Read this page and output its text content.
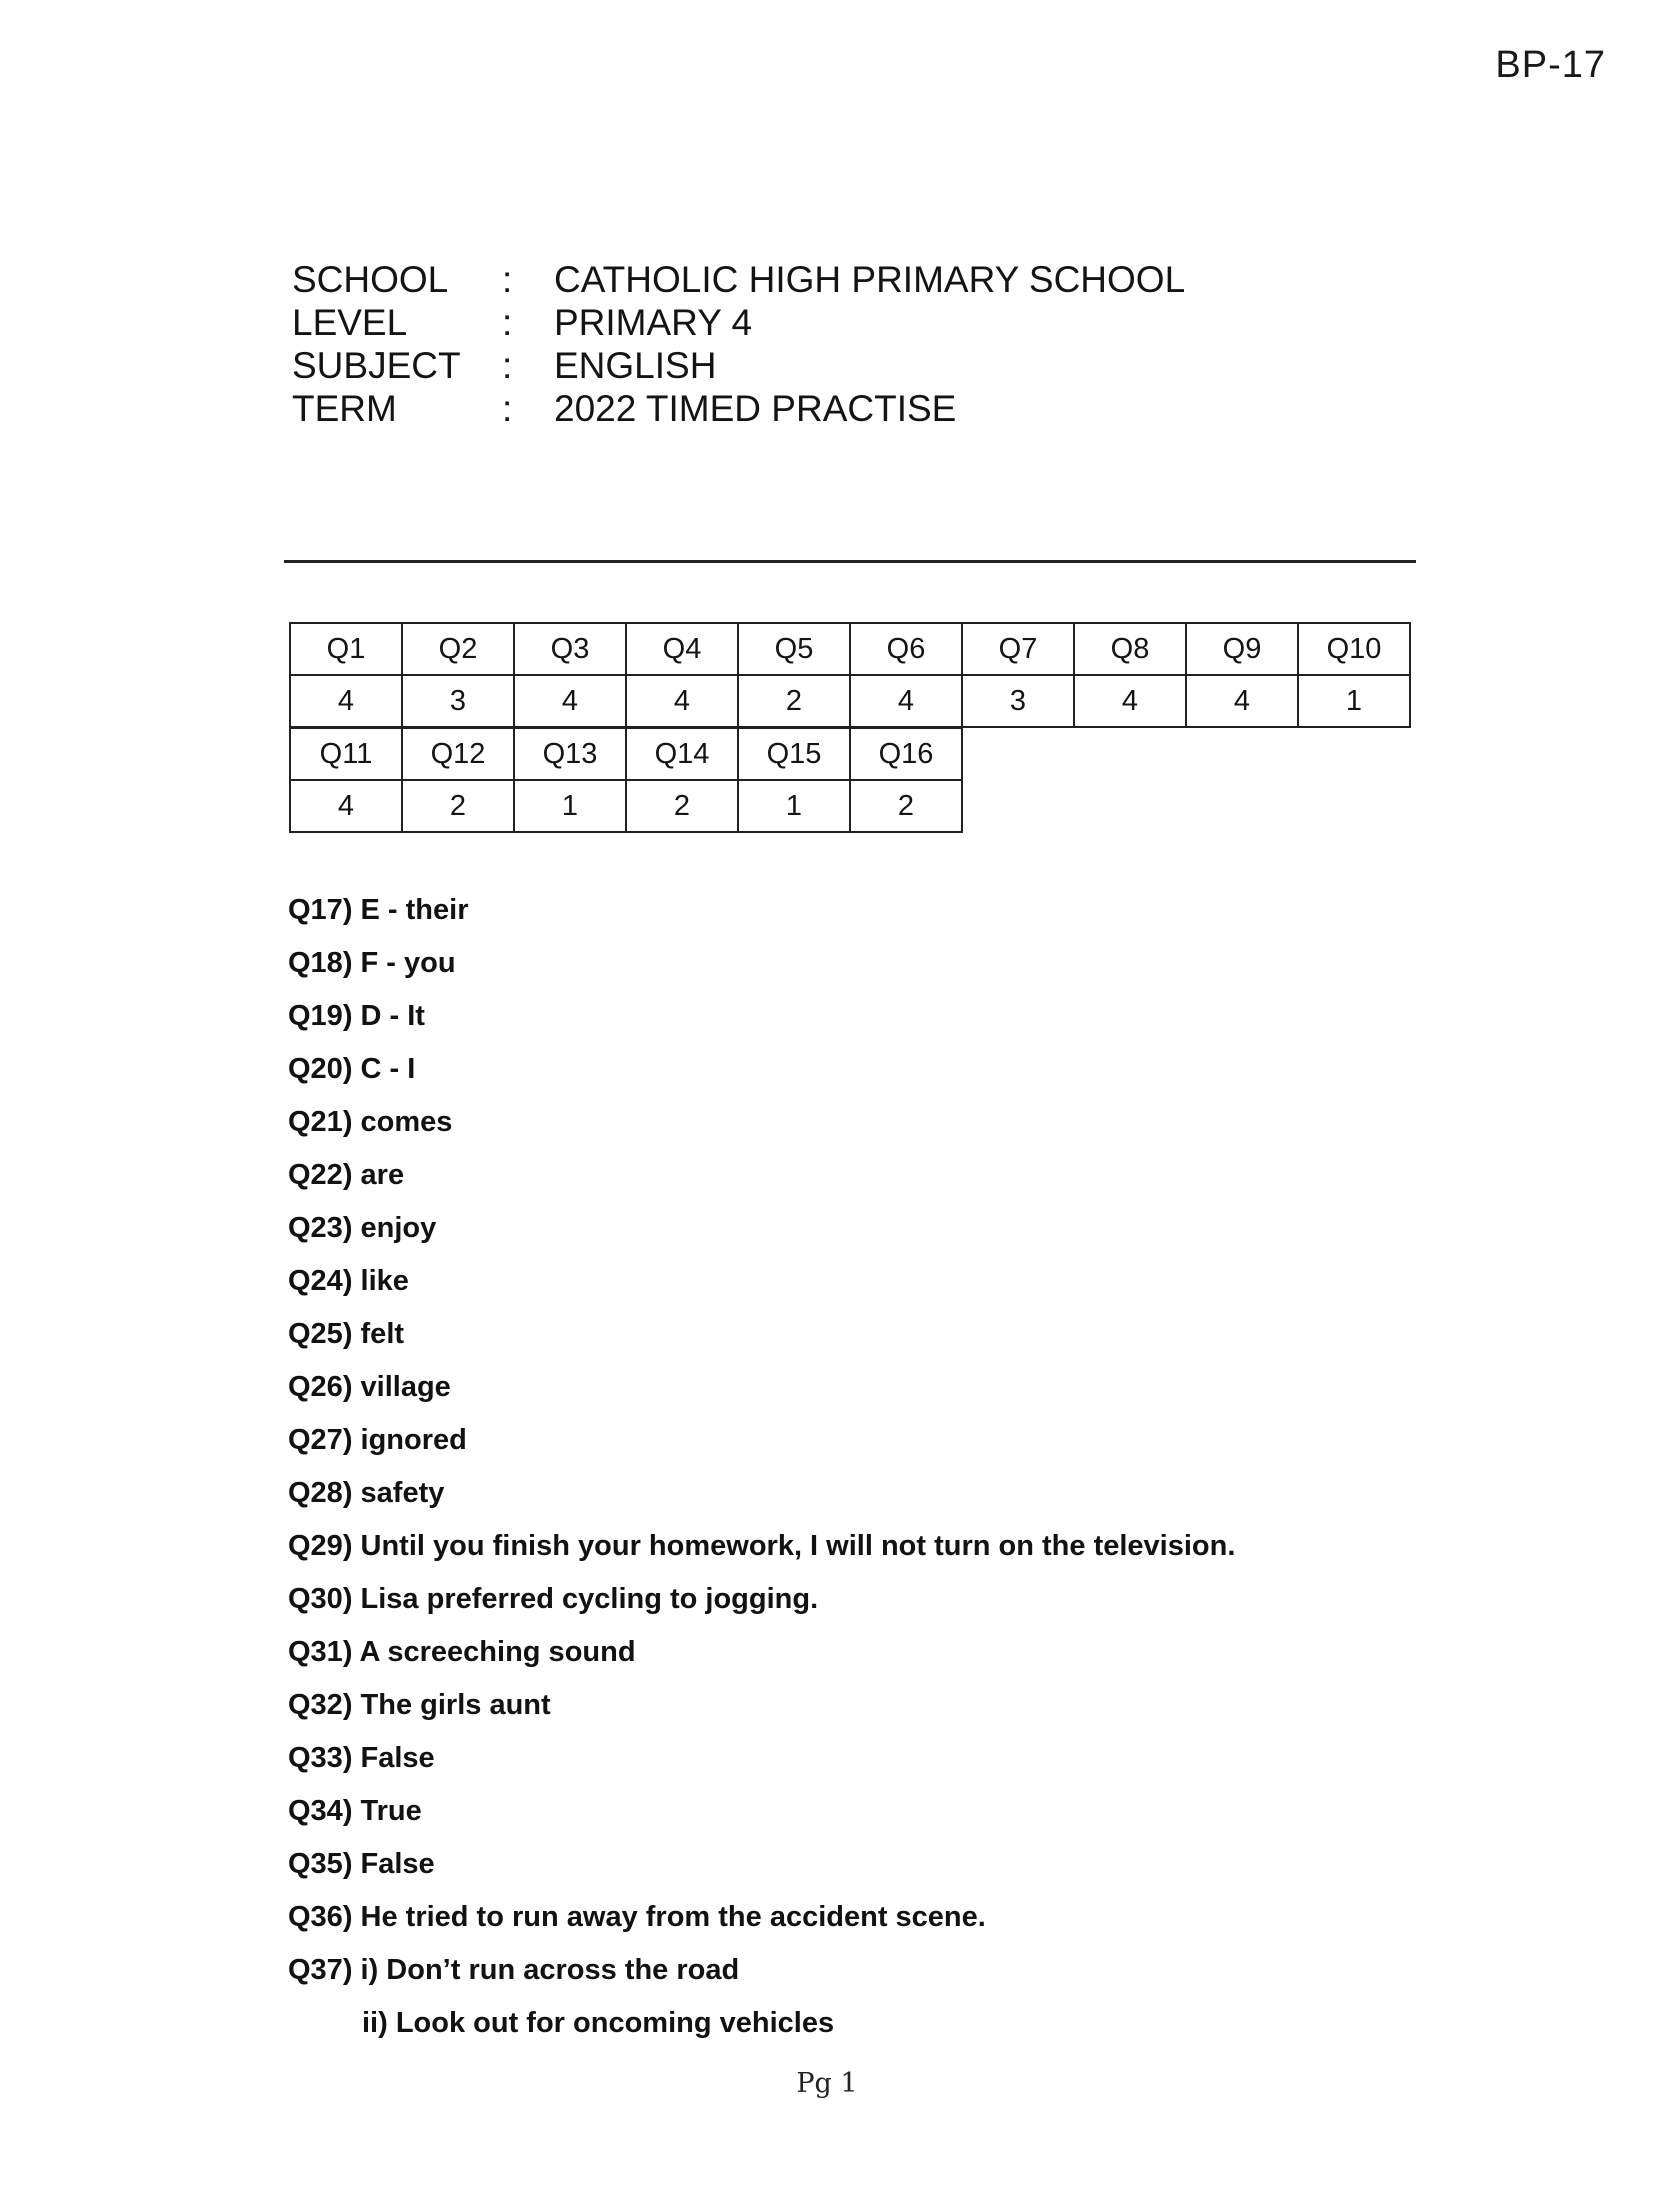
BP-17
SCHOOL	:	CATHOLIC HIGH PRIMARY SCHOOL
LEVEL	:	PRIMARY 4
SUBJECT	:	ENGLISH
TERM	:	2022 TIMED PRACTISE
Q1	Q2	Q3	Q4	Q5	Q6	Q7	Q8	Q9	Q10
4	3	4	4	2	4	3	4	4	1
Q11	Q12	Q13	Q14	Q15	Q16
4	2	1	2	1	2
Q17) E - their
Q18) F - you
Q19) D - It
Q20) C - I
Q21) comes
Q22) are
Q23) enjoy
Q24) like
Q25) felt
Q26) village
Q27) ignored
Q28) safety
Q29) Until you finish your homework, I will not turn on the television.
Q30) Lisa preferred cycling to jogging.
Q31) A screeching sound
Q32) The girls aunt
Q33) False
Q34) True
Q35) False
Q36) He tried to run away from the accident scene.
Q37) i) Don’t run across the road
ii) Look out for oncoming vehicles
Pg 1
